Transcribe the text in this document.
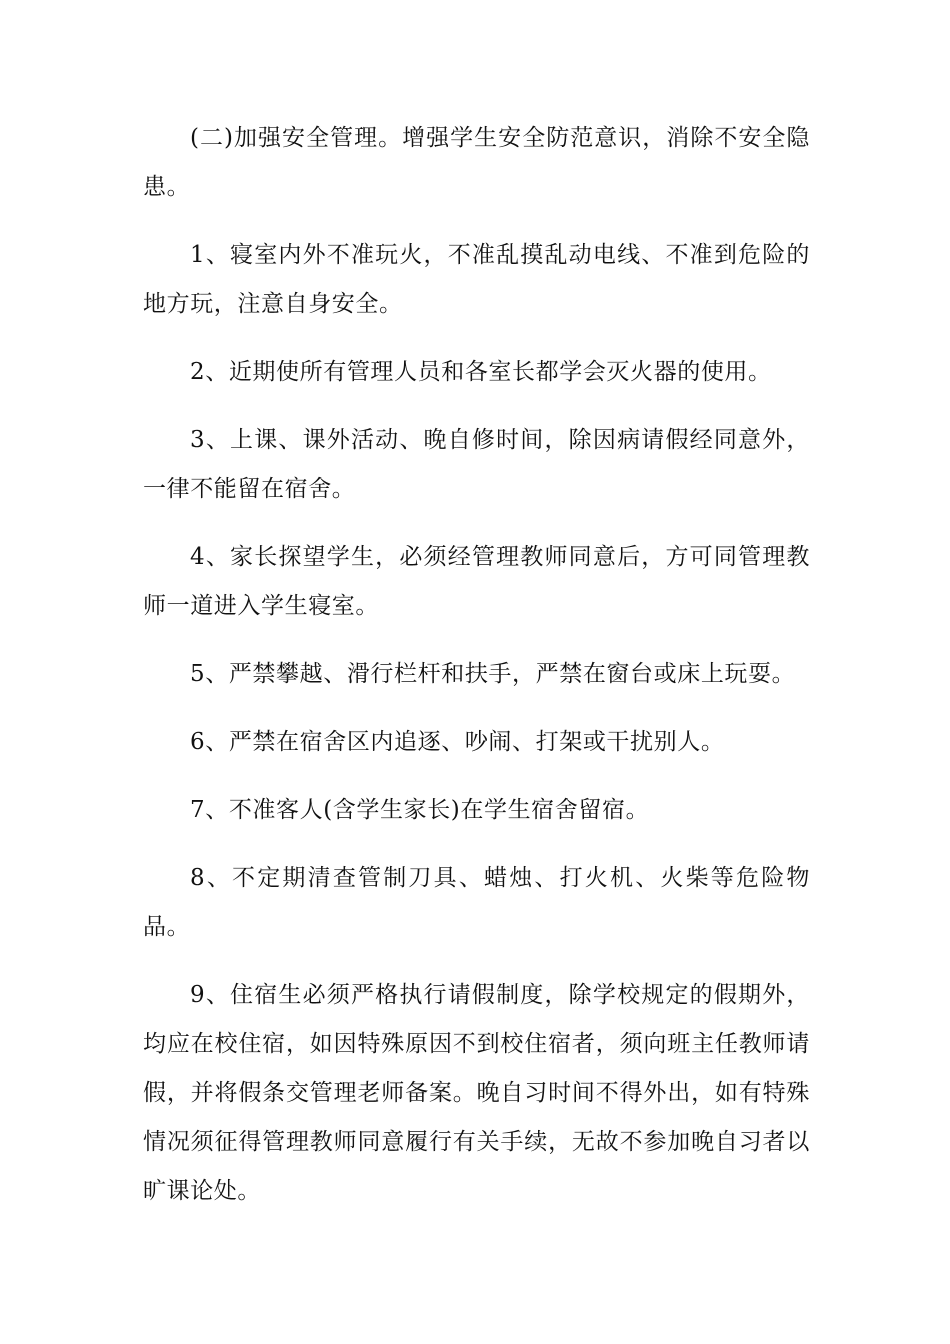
(二)加强安全管理。增强学生安全防范意识，消除不安全隐患。

1、寝室内外不准玩火，不准乱摸乱动电线、不准到危险的地方玩，注意自身安全。

2、近期使所有管理人员和各室长都学会灭火器的使用。

3、上课、课外活动、晚自修时间，除因病请假经同意外，一律不能留在宿舍。

4、家长探望学生，必须经管理教师同意后，方可同管理教师一道进入学生寝室。

5、严禁攀越、滑行栏杆和扶手，严禁在窗台或床上玩耍。

6、严禁在宿舍区内追逐、吵闹、打架或干扰别人。

7、不准客人(含学生家长)在学生宿舍留宿。

8、不定期清查管制刀具、蜡烛、打火机、火柴等危险物品。

9、住宿生必须严格执行请假制度，除学校规定的假期外，均应在校住宿，如因特殊原因不到校住宿者，须向班主任教师请假，并将假条交管理老师备案。晚自习时间不得外出，如有特殊情况须征得管理教师同意履行有关手续，无故不参加晚自习者以旷课论处。
